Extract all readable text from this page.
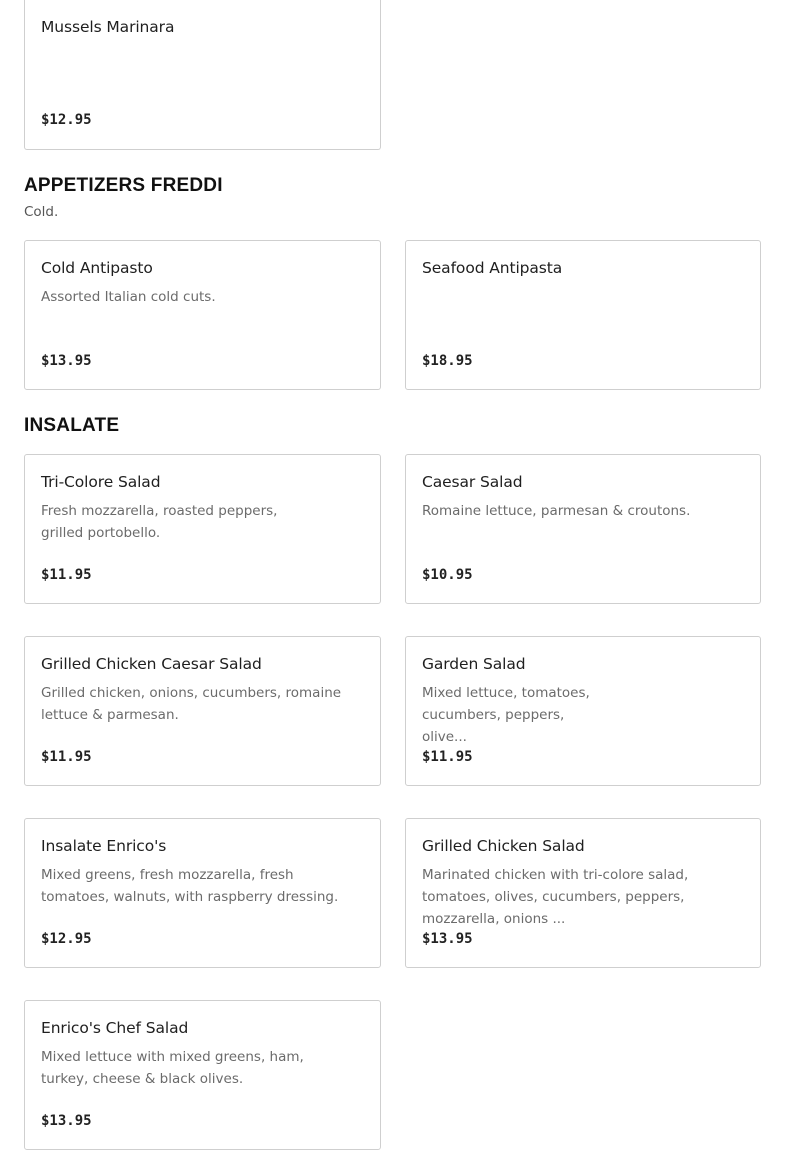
Mussels Marinara
$12.95
APPETIZERS FREDDI

Cold.

Cold Antipasto
Assorted Italian cold cuts.
$13.95
Seafood Antipasta
$18.95
INSALATE
Tri-Colore Salad
Fresh mozzarella, roasted peppers, grilled portobello.
$11.95
Caesar Salad
Romaine lettuce, parmesan & croutons.
$10.95
Grilled Chicken Caesar Salad
Grilled chicken, onions, cucumbers, romaine lettuce & parmesan.
$11.95
Garden Salad
Mixed lettuce, tomatoes, cucumbers, peppers, olive...
$11.95
Insalate Enrico's
Mixed greens, fresh mozzarella, fresh tomatoes, walnuts, with raspberry dressing.
$12.95
Grilled Chicken Salad
Marinated chicken with tri-colore salad, tomatoes, olives, cucumbers, peppers, mozzarella, onions ...
$13.95
Enrico's Chef Salad
Mixed lettuce with mixed greens, ham, turkey, cheese & black olives.
$13.95
